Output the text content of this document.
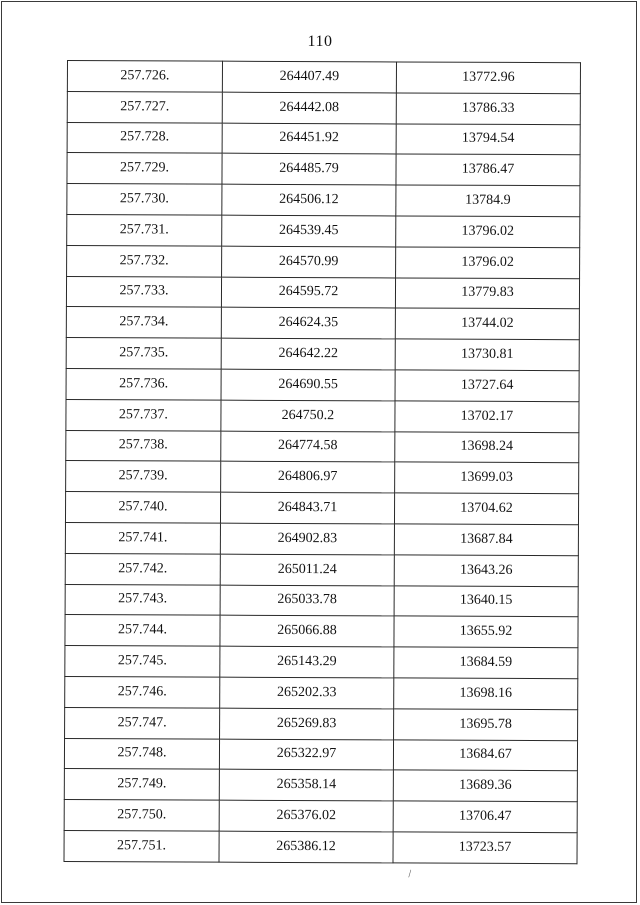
110
257.726.	264407.49	13772.96
257.727.	264442.08	13786.33
257.728.	264451.92	13794.54
257.729.	264485.79	13786.47
257.730.	264506.12	13784.9
257.731.	264539.45	13796.02
257.732.	264570.99	13796.02
257.733.	264595.72	13779.83
257.734.	264624.35	13744.02
257.735.	264642.22	13730.81
257.736.	264690.55	13727.64
257.737.	264750.2	13702.17
257.738.	264774.58	13698.24
257.739.	264806.97	13699.03
257.740.	264843.71	13704.62
257.741.	264902.83	13687.84
257.742.	265011.24	13643.26
257.743.	265033.78	13640.15
257.744.	265066.88	13655.92
257.745.	265143.29	13684.59
257.746.	265202.33	13698.16
257.747.	265269.83	13695.78
257.748.	265322.97	13684.67
257.749.	265358.14	13689.36
257.750.	265376.02	13706.47
257.751.	265386.12	13723.57
\
